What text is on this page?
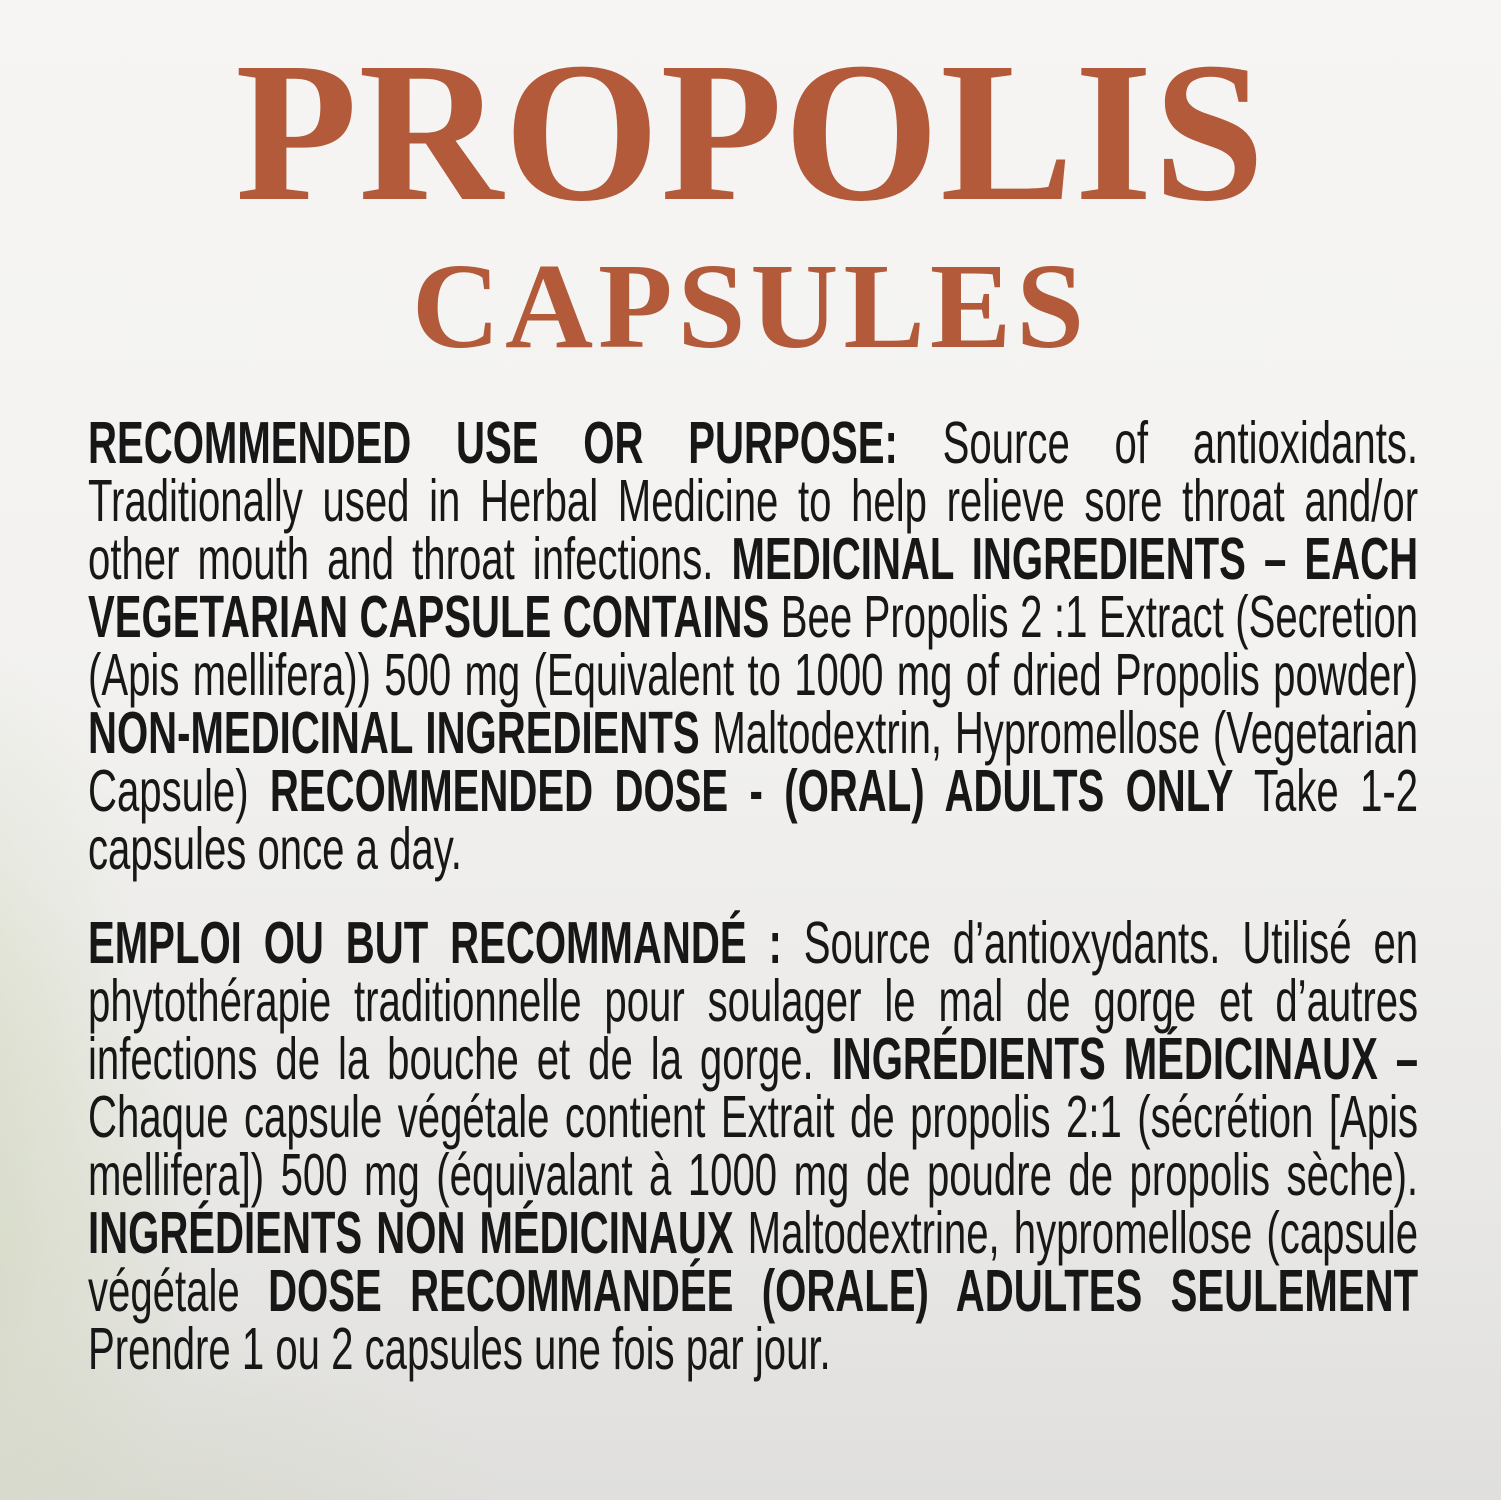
PROPOLIS
CAPSULES

RECOMMENDED USE OR PURPOSE: Source of antioxidants. Traditionally used in Herbal Medicine to help relieve sore throat and/or other mouth and throat infections. MEDICINAL INGREDIENTS – EACH VEGETARIAN CAPSULE CONTAINS Bee Propolis 2 :1 Extract (Secretion (Apis mellifera)) 500 mg (Equivalent to 1000 mg of dried Propolis powder) NON-MEDICINAL INGREDIENTS Maltodextrin, Hypromellose (Vegetarian Capsule) RECOMMENDED DOSE - (ORAL) ADULTS ONLY Take 1-2 capsules once a day.

EMPLOI OU BUT RECOMMANDÉ : Source d’antioxydants. Utilisé en phytothérapie traditionnelle pour soulager le mal de gorge et d’autres infections de la bouche et de la gorge. INGRÉDIENTS MÉDICINAUX – Chaque capsule végétale contient Extrait de propolis 2:1 (sécrétion [Apis mellifera]) 500 mg (équivalant à 1000 mg de poudre de propolis sèche). INGRÉDIENTS NON MÉDICINAUX Maltodextrine, hypromellose (capsule végétale DOSE RECOMMANDÉE (ORALE) ADULTES SEULEMENT Prendre 1 ou 2 capsules une fois par jour.
